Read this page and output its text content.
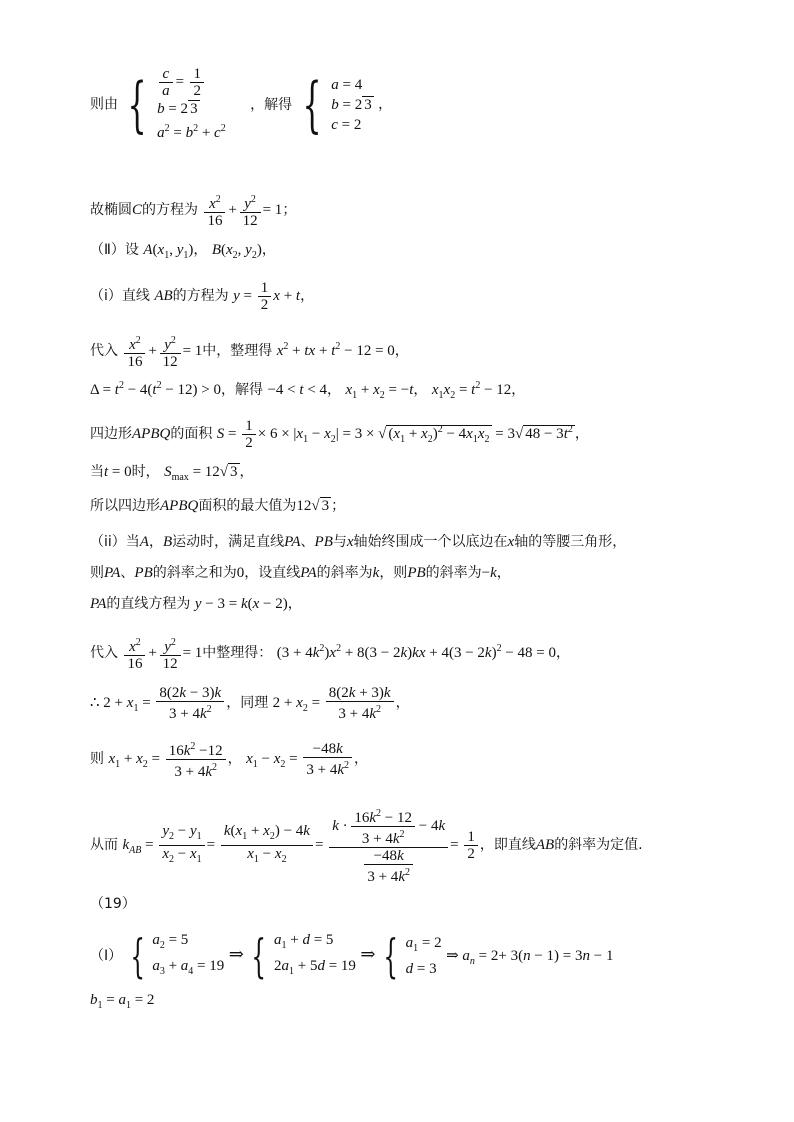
则由 { $\frac{c}{a} = \frac{1}{2}$
b = 2 3
$a^2 = b^2 + c^2$
，解得 { a = 4
b = 2 3
c = 2
，
故椭圆C的方程为 $\frac{x^2}{16} + \frac{y^2}{12} = 1$；
（Ⅱ）设 $A(x_1$, $y_1$)， $B(x_2$, $y_2$)，
（i）直线 AB的方程为 $y = \frac{1}{2}$ x + t，
代入 $\frac{x^2}{16} + \frac{y^2}{12} = 1$中，整理得 $x^2$ + tx + $t^2 - 12 = 0$，
$\Delta = t^2 - 4(t^2 - 12) > 0$，解得 −4 < t < 4， $x_1 + x_2 = -t$， $x_1x_2 = t^2 - 12$，
四边形APBQ的面积 $S = \frac{1}{2} \times 6 \times |x_1 - x_2| = 3$ × √ $(x_1 + x_2)^2 - 4x_1x_2 = 3√$ $48 - 3t^2$ ，
当t = 0时， $S_{max} = 12√$ 3 ，
所以四边形APBQ面积的最大值为12√ 3 ；
（ii）当A，B运动时，满足直线PA、PB与x轴始终围成一个以底边在x轴的等腰三角形，
则PA、PB的斜率之和为0，设直线PA的斜率为k，则PB的斜率为−k，
PA的直线方程为 y − 3 = k(x − 2)，
代入 $\frac{x^2}{16} + \frac{y^2}{12} = 1$中整理得： $(3 + 4k^2)x^2 + 8(3 - 2k)kx + 4(3 - 2k)^2 - 48 = 0$，
∴ $2 + x_1 = \frac{8(2k - 3)k}{3 + 4k^2}$ ，同理 $2 + x_2 = \frac{8(2k + 3)k}{3 + 4k^2}$ ，
则 $x_1 + x_2 = \frac{16k^2 -12}{3 + 4k^2}$ ， $x_1 - x_2 = \frac{-48k}{3 + 4k^2}$ ，
从而 $k_{AB} = \frac{y_2 - y_1}{x_2 - x_1} = \frac{k(x_1 + x_2) - 4k}{x_1 - x_2} = \frac{k \cdot \frac{16k^2 - 12}{3 + 4k^2} - 4k}{\frac{-48k}{3 + 4k^2}} = \frac{1}{2}$ ，即直线AB的斜率为定值.
（19）
（Ⅰ） { $a_2 = 5$
$a_3 + a_4 = 19$
⇒ { $a_1 + d = 5$
$2a_1 + 5d = 19$
⇒ { $a_1 = 2$
d = 3
⇒ $a_n = 2+ 3(n - 1) = 3n - 1$
$b_1 = a_1 = 2$
